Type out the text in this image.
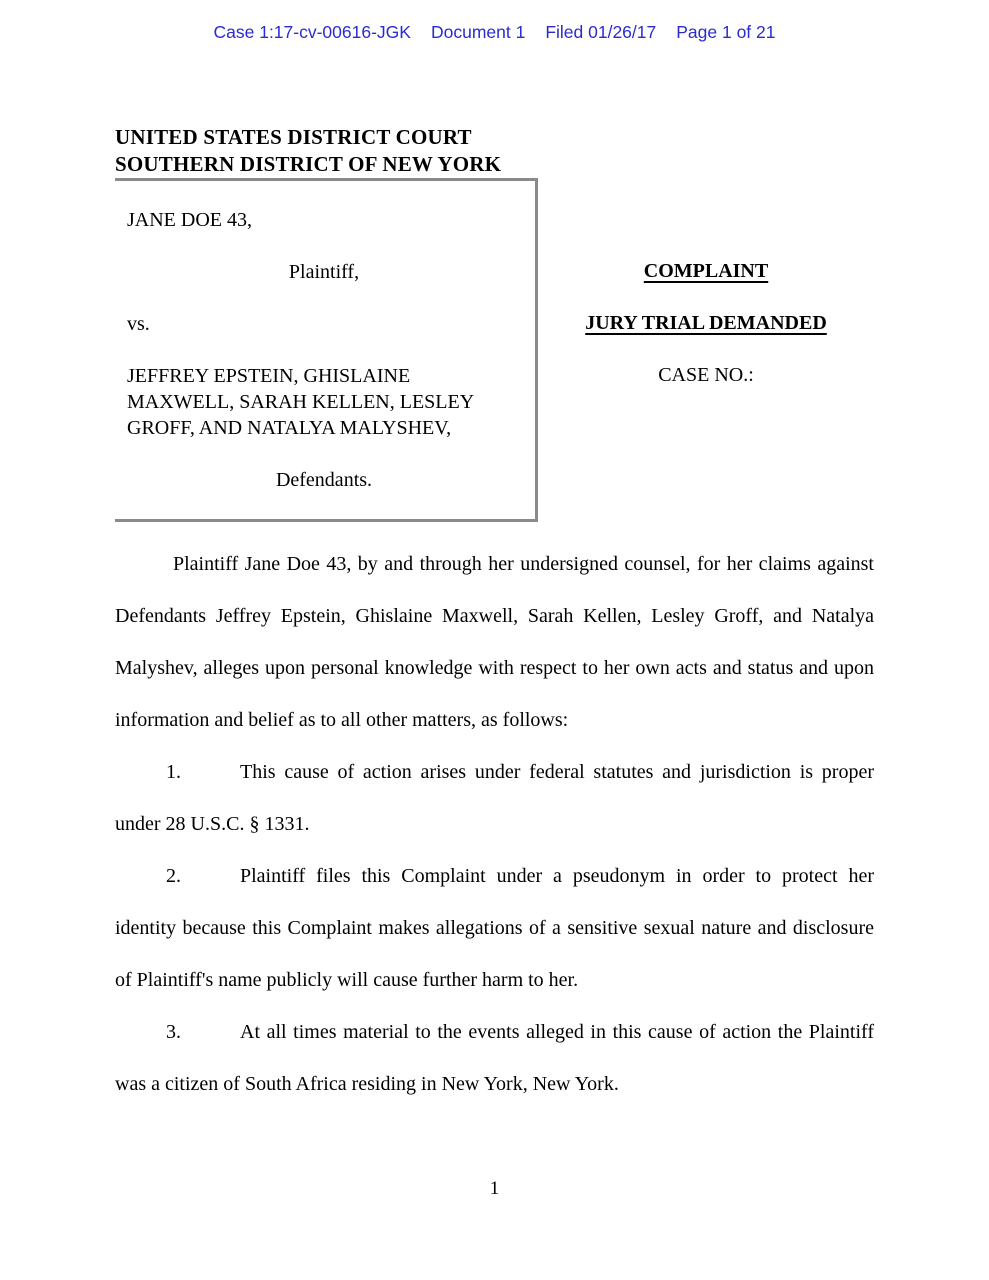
Case 1:17-cv-00616-JGK Document 1 Filed 01/26/17 Page 1 of 21
UNITED STATES DISTRICT COURT
SOUTHERN DISTRICT OF NEW YORK
JANE DOE 43,
Plaintiff,
vs.
JEFFREY EPSTEIN, GHISLAINE
MAXWELL, SARAH KELLEN, LESLEY
GROFF, AND NATALYA MALYSHEV,
Defendants.
COMPLAINT
JURY TRIAL DEMANDED
CASE NO.:

Plaintiff Jane Doe 43, by and through her undersigned counsel, for her claims against Defendants Jeffrey Epstein, Ghislaine Maxwell, Sarah Kellen, Lesley Groff, and Natalya Malyshev, alleges upon personal knowledge with respect to her own acts and status and upon information and belief as to all other matters, as follows:

1.	This cause of action arises under federal statutes and jurisdiction is proper under 28 U.S.C. § 1331.

2.	Plaintiff files this Complaint under a pseudonym in order to protect her identity because this Complaint makes allegations of a sensitive sexual nature and disclosure of Plaintiff's name publicly will cause further harm to her.

3.	At all times material to the events alleged in this cause of action the Plaintiff was a citizen of South Africa residing in New York, New York.

1
